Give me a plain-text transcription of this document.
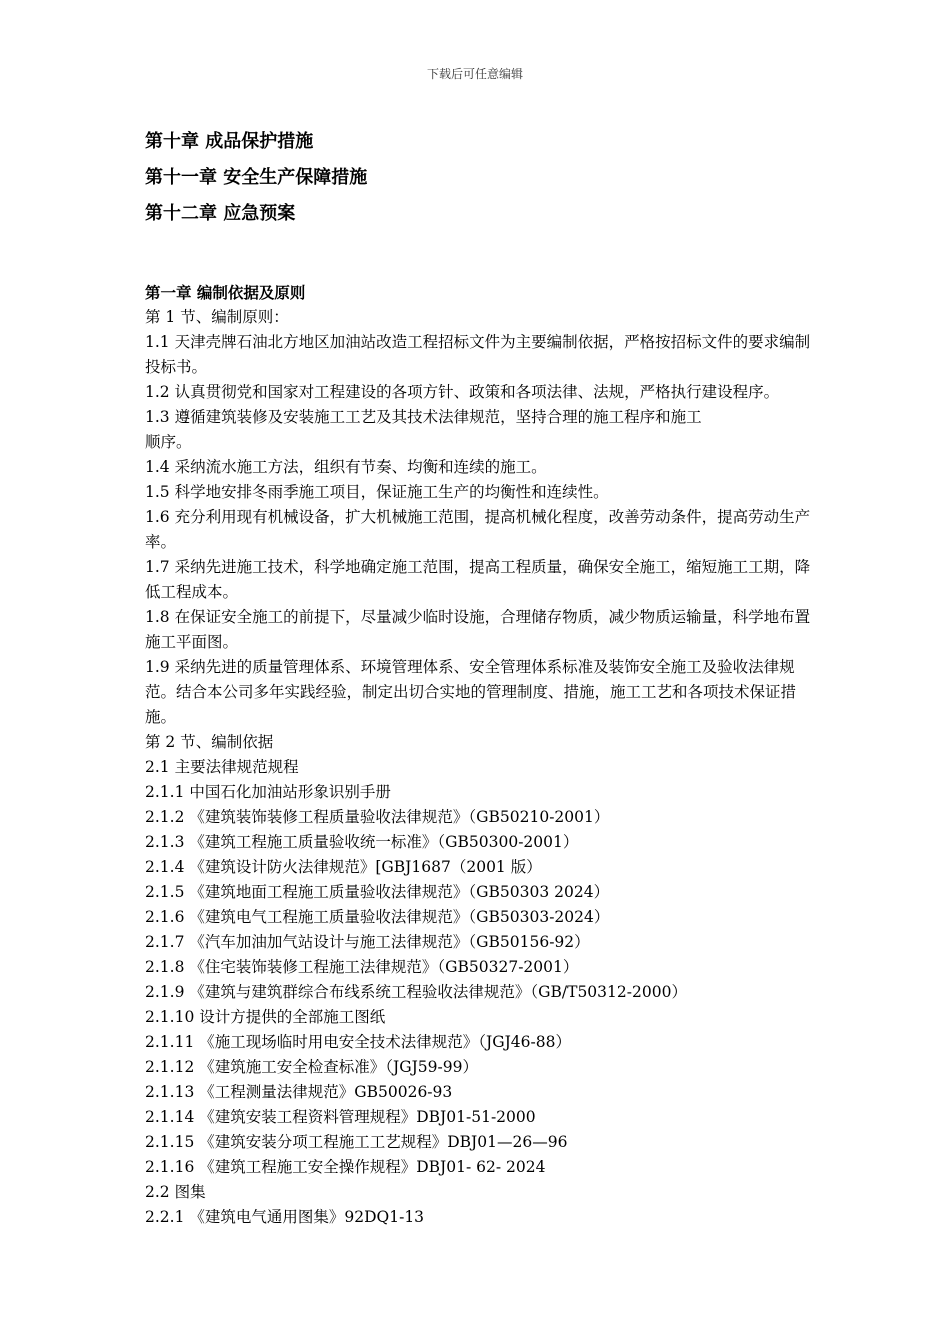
下载后可任意编辑
第十章 成品保护措施
第十一章 安全生产保障措施
第十二章 应急预案
第一章 编制依据及原则
第 1 节、编制原则：
1.1 天津壳牌石油北方地区加油站改造工程招标文件为主要编制依据，严格按招标文件的要求编制投标书。
1.2 认真贯彻党和国家对工程建设的各项方针、政策和各项法律、法规，严格执行建设程序。
1.3 遵循建筑装修及安装施工工艺及其技术法律规范，坚持合理的施工程序和施工
顺序。
1.4 采纳流水施工方法，组织有节奏、均衡和连续的施工。
1.5 科学地安排冬雨季施工项目，保证施工生产的均衡性和连续性。
1.6 充分利用现有机械设备，扩大机械施工范围，提高机械化程度，改善劳动条件，提高劳动生产率。
1.7 采纳先进施工技术，科学地确定施工范围，提高工程质量，确保安全施工，缩短施工工期，降低工程成本。
1.8 在保证安全施工的前提下，尽量减少临时设施，合理储存物质，减少物质运输量，科学地布置施工平面图。
1.9 采纳先进的质量管理体系、环境管理体系、安全管理体系标准及装饰安全施工及验收法律规范。结合本公司多年实践经验，制定出切合实地的管理制度、措施，施工工艺和各项技术保证措施。
第 2 节、编制依据
2.1 主要法律规范规程
2.1.1 中国石化加油站形象识别手册
2.1.2 《建筑装饰装修工程质量验收法律规范》（GB50210-2001）
2.1.3 《建筑工程施工质量验收统一标准》（GB50300-2001）
2.1.4 《建筑设计防火法律规范》[GBJ1687（2001 版）
2.1.5 《建筑地面工程施工质量验收法律规范》（GB50303 2024）
2.1.6 《建筑电气工程施工质量验收法律规范》（GB50303-2024）
2.1.7 《汽车加油加气站设计与施工法律规范》（GB50156-92）
2.1.8 《住宅装饰装修工程施工法律规范》（GB50327-2001）
2.1.9 《建筑与建筑群综合布线系统工程验收法律规范》（GB/T50312-2000）
2.1.10 设计方提供的全部施工图纸
2.1.11 《施工现场临时用电安全技术法律规范》（JGJ46-88）
2.1.12 《建筑施工安全检查标准》（JGJ59-99）
2.1.13 《工程测量法律规范》GB50026-93
2.1.14 《建筑安装工程资料管理规程》DBJ01-51-2000
2.1.15 《建筑安装分项工程施工工艺规程》DBJ01—26—96
2.1.16 《建筑工程施工安全操作规程》DBJ01- 62- 2024
2.2 图集
2.2.1 《建筑电气通用图集》92DQ1-13
